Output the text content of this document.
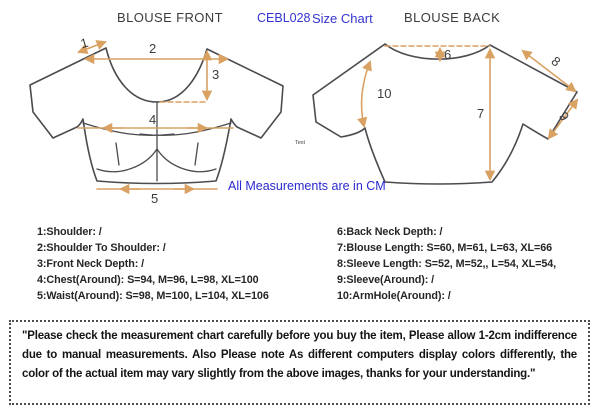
BLOUSE FRONT	CEBL028 Size Chart BLOUSE BACK
1	2
3
4
5
6
7
8
9
10
Text
All Measurements are in CM
1:Shoulder: /
2:Shoulder To Shoulder: /
3:Front Neck Depth: /
4:Chest(Around): S=94, M=96, L=98, XL=100
5:Waist(Around): S=98, M=100, L=104, XL=106
6:Back Neck Depth: /
7:Blouse Length: S=60, M=61, L=63, XL=66
8:Sleeve Length: S=52, M=52,, L=54, XL=54,
9:Sleeve(Around): /
10:ArmHole(Around): /
"Please check the measurement chart carefully before you buy the item, Please allow 1-2cm indifference due to manual measurements. Also Please note As different computers display colors differently, the color of the actual item may vary slightly from the above images, thanks for your understanding."
